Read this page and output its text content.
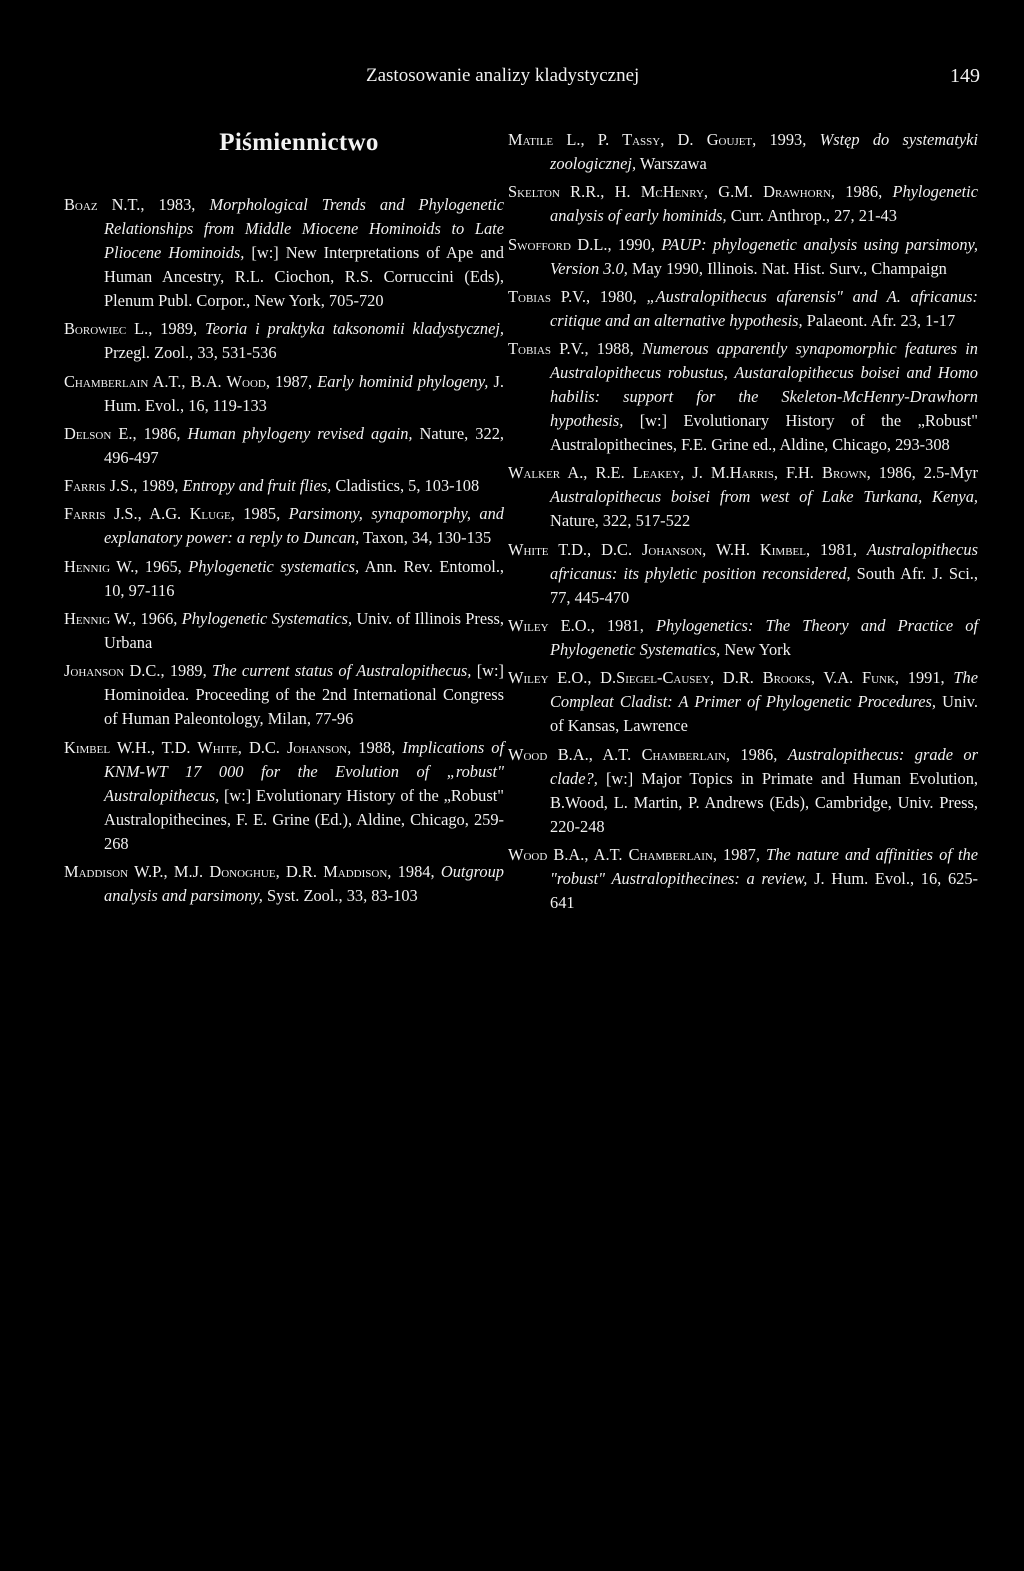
Zastosowanie analizy kladystycznej	149
Piśmiennictwo

Boaz N.T., 1983, Morphological Trends and Phylogenetic Relationships from Middle Miocene Hominoids to Late Pliocene Hominoids, [w:] New Interpretations of Ape and Human Ancestry, R.L. Ciochon, R.S. Corruccini (Eds), Plenum Publ. Corpor., New York, 705-720

Borowiec L., 1989, Teoria i praktyka taksonomii kladystycznej, Przegl. Zool., 33, 531-536

Chamberlain A.T., B.A. Wood, 1987, Early hominid phylogeny, J. Hum. Evol., 16, 119-133

Delson E., 1986, Human phylogeny revised again, Nature, 322, 496-497

Farris J.S., 1989, Entropy and fruit flies, Cladistics, 5, 103-108

Farris J.S., A.G. Kluge, 1985, Parsimony, synapomorphy, and explanatory power: a reply to Duncan, Taxon, 34, 130-135

Hennig W., 1965, Phylogenetic systematics, Ann. Rev. Entomol., 10, 97-116

Hennig W., 1966, Phylogenetic Systematics, Univ. of Illinois Press, Urbana

Johanson D.C., 1989, The current status of Australopithecus, [w:] Hominoidea. Proceeding of the 2nd International Congress of Human Paleontology, Milan, 77-96

Kimbel W.H., T.D. White, D.C. Johanson, 1988, Implications of KNM-WT 17 000 for the Evolution of „robust" Australopithecus, [w:] Evolutionary History of the „Robust" Australopithecines, F. E. Grine (Ed.), Aldine, Chicago, 259-268

Maddison W.P., M.J. Donoghue, D.R. Maddison, 1984, Outgroup analysis and parsimony, Syst. Zool., 33, 83-103

Matile L., P. Tassy, D. Goujet, 1993, Wstęp do systematyki zoologicznej, Warszawa

Skelton R.R., H. McHenry, G.M. Drawhorn, 1986, Phylogenetic analysis of early hominids, Curr. Anthrop., 27, 21-43

Swofford D.L., 1990, PAUP: phylogenetic analysis using parsimony, Version 3.0, May 1990, Illinois. Nat. Hist. Surv., Champaign

Tobias P.V., 1980, „Australopithecus afarensis" and A. africanus: critique and an alternative hypothesis, Palaeont. Afr. 23, 1-17

Tobias P.V., 1988, Numerous apparently synapomorphic features in Australopithecus robustus, Austaralopithecus boisei and Homo habilis: support for the Skeleton-McHenry-Drawhorn hypothesis, [w:] Evolutionary History of the „Robust" Australopithecines, F.E. Grine ed., Aldine, Chicago, 293-308

Walker A., R.E. Leakey, J. M.Harris, F.H. Brown, 1986, 2.5-Myr Australopithecus boisei from west of Lake Turkana, Kenya, Nature, 322, 517-522

White T.D., D.C. Johanson, W.H. Kimbel, 1981, Australopithecus africanus: its phyletic position reconsidered, South Afr. J. Sci., 77, 445-470

Wiley E.O., 1981, Phylogenetics: The Theory and Practice of Phylogenetic Systematics, New York

Wiley E.O., D.Siegel-Causey, D.R. Brooks, V.A. Funk, 1991, The Compleat Cladist: A Primer of Phylogenetic Procedures, Univ. of Kansas, Lawrence

Wood B.A., A.T. Chamberlain, 1986, Australopithecus: grade or clade?, [w:] Major Topics in Primate and Human Evolution, B.Wood, L. Martin, P. Andrews (Eds), Cambridge, Univ. Press, 220-248

Wood B.A., A.T. Chamberlain, 1987, The nature and affinities of the "robust" Australopithecines: a review, J. Hum. Evol., 16, 625-641
